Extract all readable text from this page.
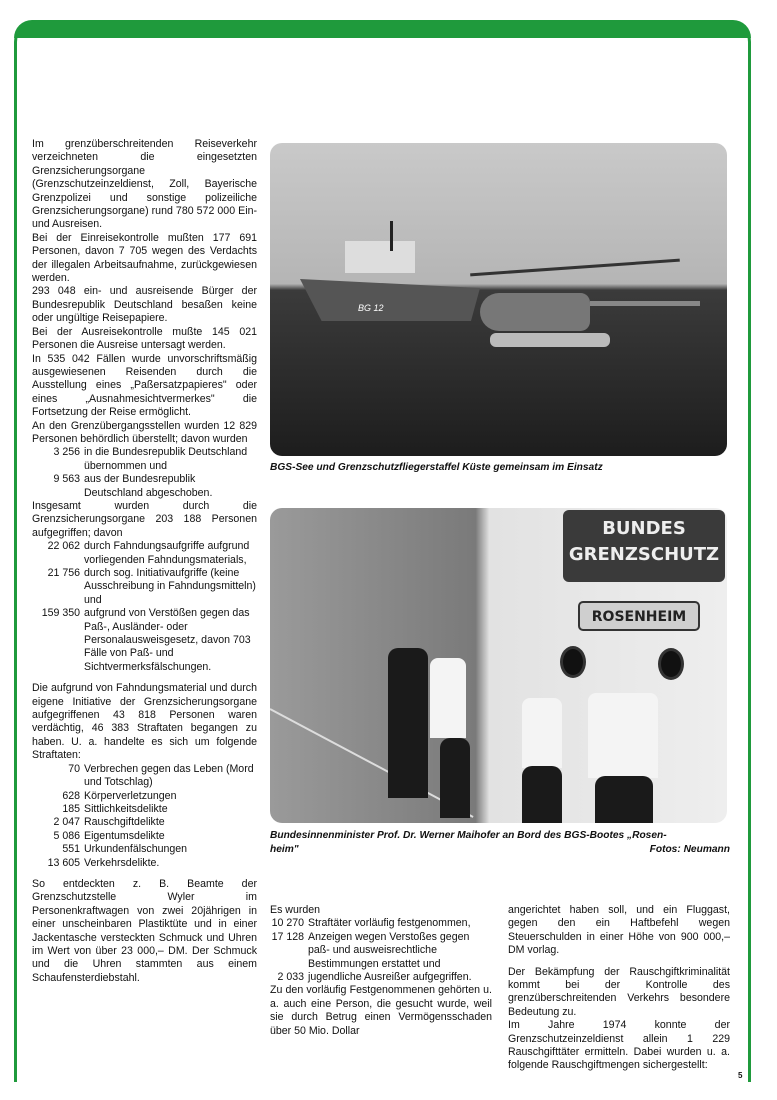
Im grenzüberschreitenden Reiseverkehr verzeichneten die eingesetzten Grenzsicherungsorgane (Grenzschutzeinzeldienst, Zoll, Bayerische Grenzpolizei und sonstige polizeiliche Grenzsicherungsorgane) rund 780 572 000 Ein- und Ausreisen.

Bei der Einreisekontrolle mußten 177 691 Personen, davon 7 705 wegen des Verdachts der illegalen Arbeitsaufnahme, zurückgewiesen werden.

293 048 ein- und ausreisende Bürger der Bundesrepublik Deutschland besaßen keine oder ungültige Reisepapiere.

Bei der Ausreisekontrolle mußte 145 021 Personen die Ausreise untersagt werden.

In 535 042 Fällen wurde unvorschriftsmäßig ausgewiesenen Reisenden durch die Ausstellung eines „Paßersatzpapieres" oder eines „Ausnahmesichtvermerkes" die Fortsetzung der Reise ermöglicht.

An den Grenzübergangsstellen wurden 12 829 Personen behördlich überstellt; davon wurden

3 256 in die Bundesrepublik Deutschland übernommen und
9 563 aus der Bundesrepublik Deutschland abgeschoben.

Insgesamt wurden durch die Grenzsicherungsorgane 203 188 Personen aufgegriffen; davon

22 062 durch Fahndungsaufgriffe aufgrund vorliegenden Fahndungsmaterials,
21 756 durch sog. Initiativaufgriffe (keine Ausschreibung in Fahndungsmitteln) und
159 350 aufgrund von Verstößen gegen das Paß-, Ausländer- oder Personalausweisgesetz, davon 703 Fälle von Paß- und Sichtvermerksfälschungen.

Die aufgrund von Fahndungsmaterial und durch eigene Initiative der Grenzsicherungsorgane aufgegriffenen 43 818 Personen waren verdächtig, 46 383 Straftaten begangen zu haben. U. a. handelte es sich um folgende Straftaten:

70 Verbrechen gegen das Leben (Mord und Totschlag)
628 Körperverletzungen
185 Sittlichkeitsdelikte
2 047 Rauschgiftdelikte
5 086 Eigentumsdelikte
551 Urkundenfälschungen
13 605 Verkehrsdelikte.

So entdeckten z. B. Beamte der Grenzschutzstelle Wyler im Personenkraftwagen von zwei 20jährigen in einer unscheinbaren Plastiktüte und in einer Jackentasche versteckten Schmuck und Uhren im Wert von über 23 000,– DM. Der Schmuck und die Uhren stammten aus einem Schaufensterdiebstahl.

BG 12
BGS-See und Grenzschutzfliegerstaffel Küste gemeinsam im Einsatz
BUNDES
GRENZSCHUTZ
ROSENHEIM
Bundesinnenminister Prof. Dr. Werner Maihofer an Bord des BGS-Bootes „Rosen-
heim"	Fotos: Neumann

Es wurden

10 270 Straftäter vorläufig festgenommen,
17 128 Anzeigen wegen Verstoßes gegen paß- und ausweisrechtliche Bestimmungen erstattet und
2 033 jugendliche Ausreißer aufgegriffen.

Zu den vorläufig Festgenommenen gehörten u. a. auch eine Person, die gesucht wurde, weil sie durch Betrug einen Vermögensschaden über 50 Mio. Dollar

angerichtet haben soll, und ein Fluggast, gegen den ein Haftbefehl wegen Steuerschulden in einer Höhe von 900 000,– DM vorlag.

Der Bekämpfung der Rauschgiftkriminalität kommt bei der Kontrolle des grenzüberschreitenden Verkehrs besondere Bedeutung zu.

Im Jahre 1974 konnte der Grenzschutzeinzeldienst allein 1 229 Rauschgifttäter ermitteln. Dabei wurden u. a. folgende Rauschgiftmengen sichergestellt:

5
